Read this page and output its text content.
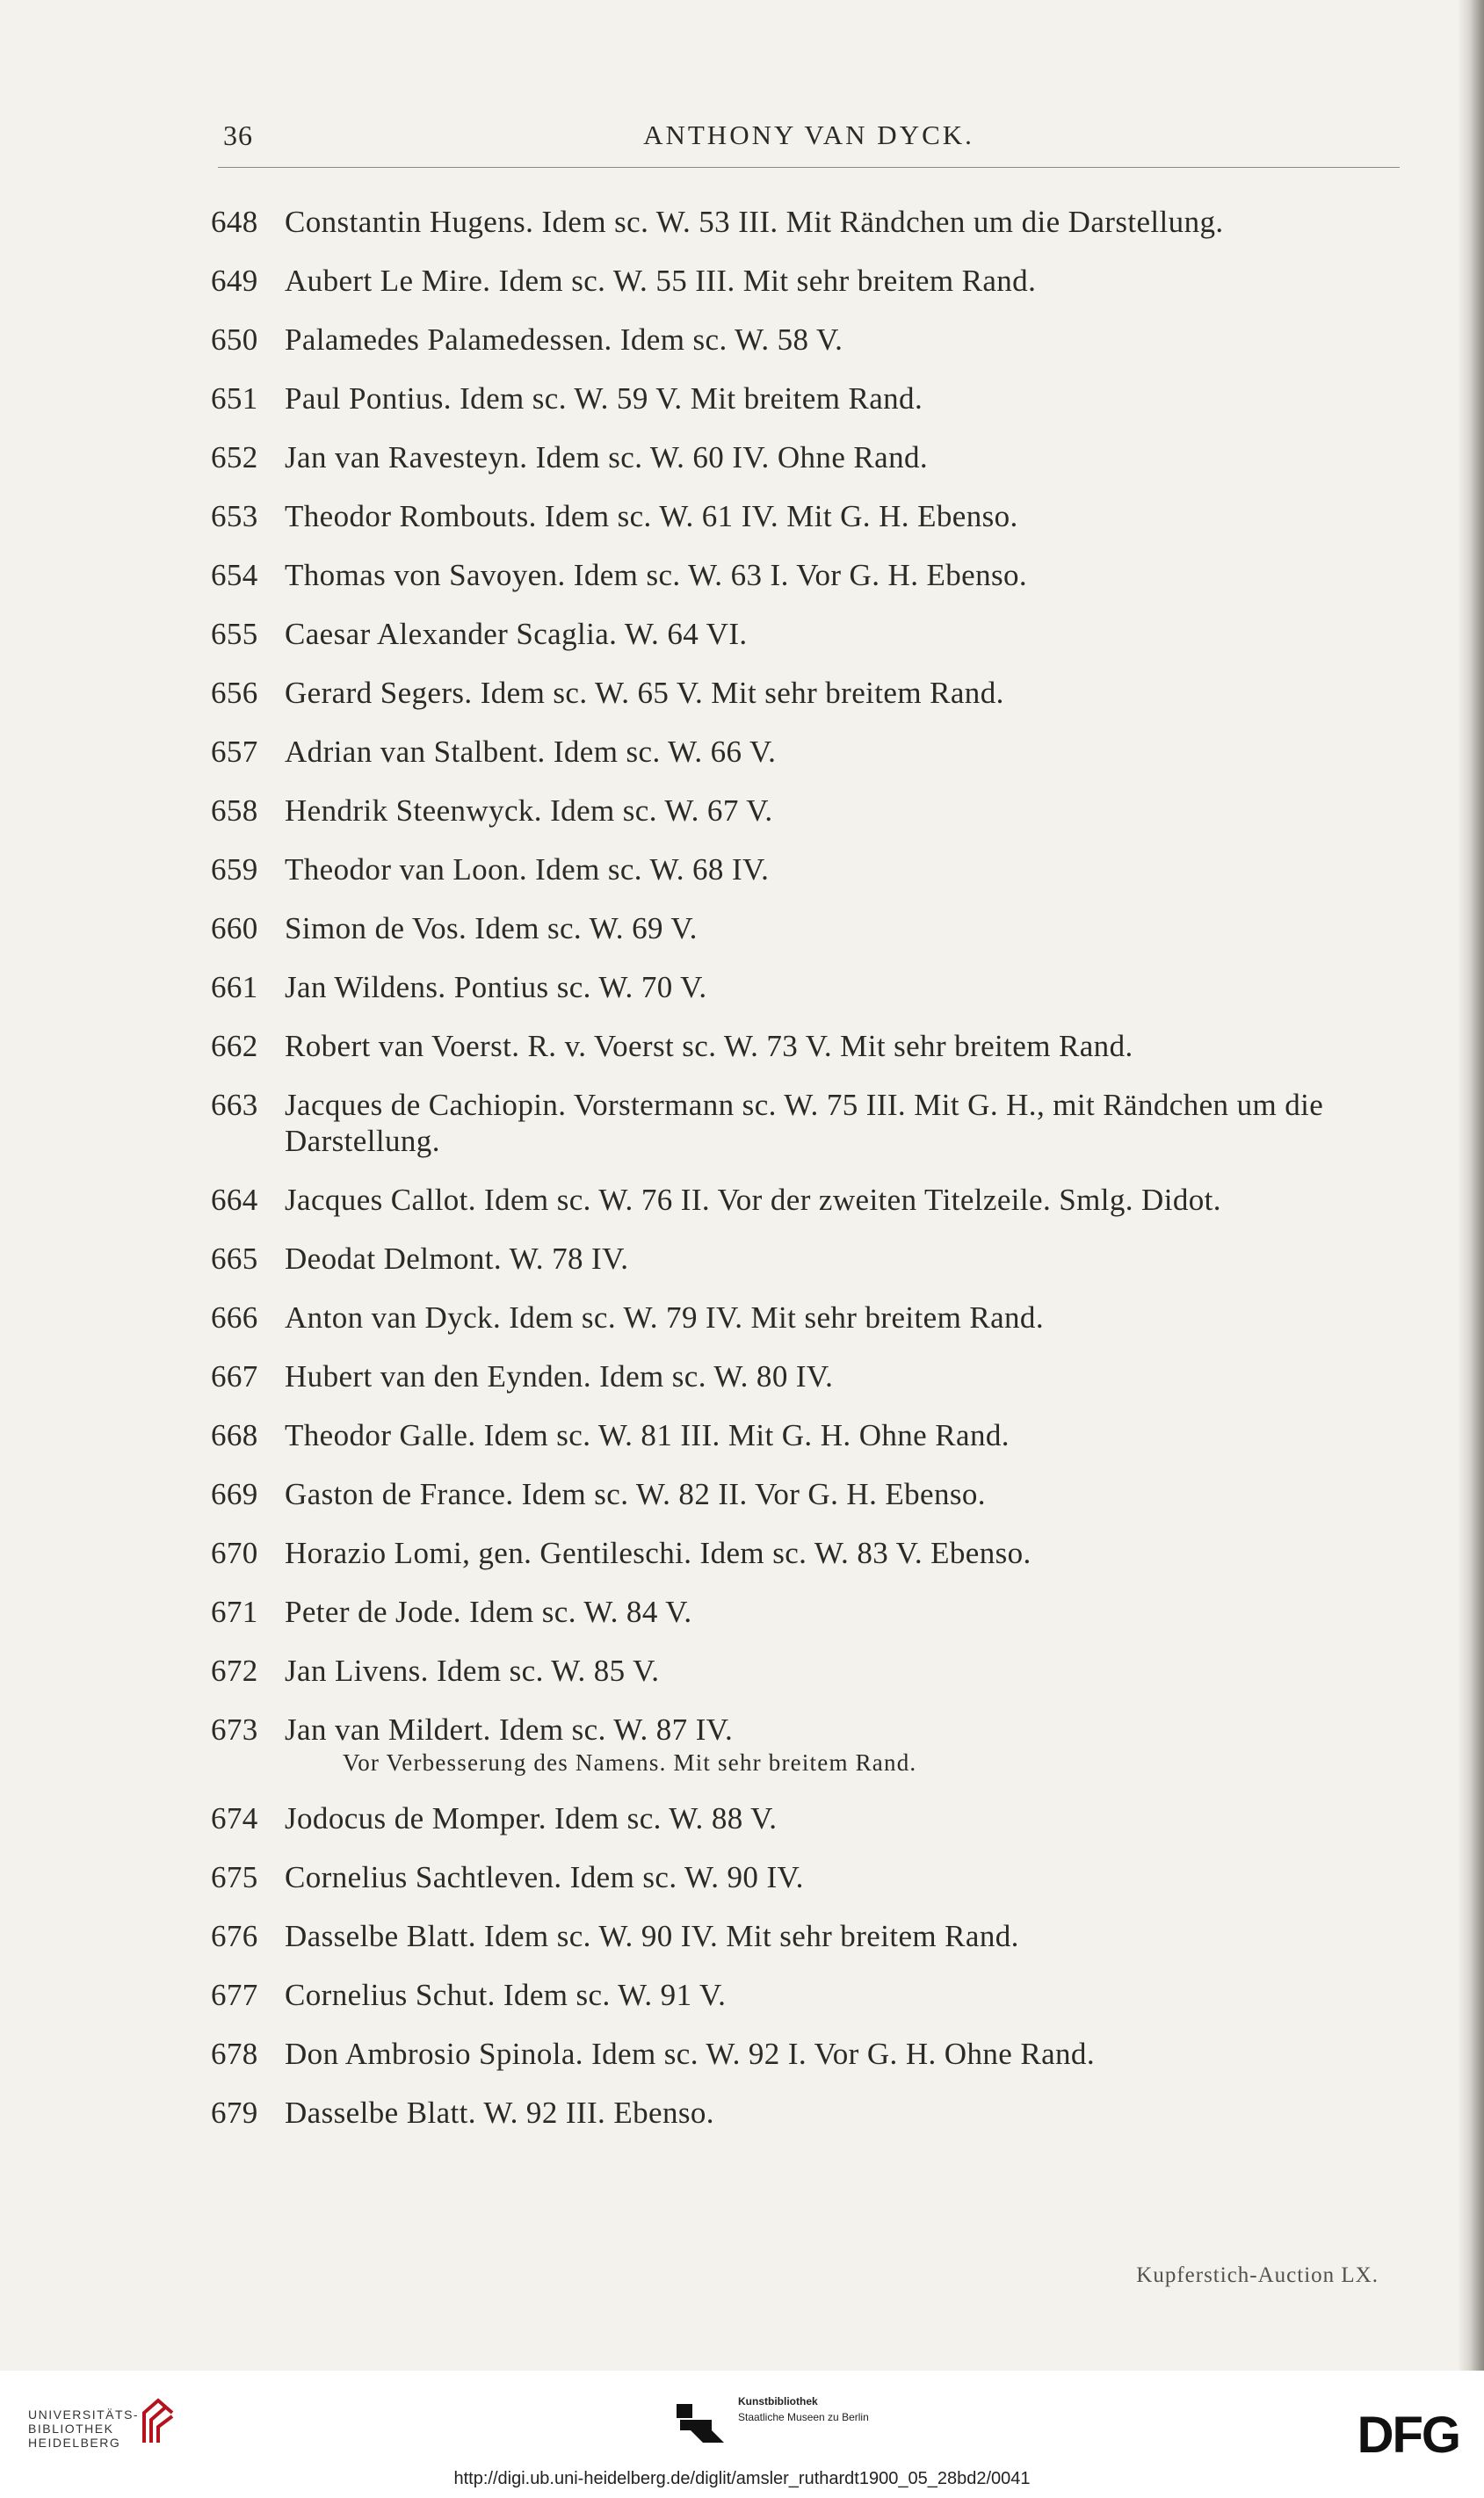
36	ANTHONY VAN DYCK.
648 Constantin Hugens. Idem sc. W. 53 III. Mit Rändchen um die Darstellung.
649 Aubert Le Mire. Idem sc. W. 55 III. Mit sehr breitem Rand.
650 Palamedes Palamedessen. Idem sc. W. 58 V.
651 Paul Pontius. Idem sc. W. 59 V. Mit breitem Rand.
652 Jan van Ravesteyn. Idem sc. W. 60 IV. Ohne Rand.
653 Theodor Rombouts. Idem sc. W. 61 IV. Mit G. H. Ebenso.
654 Thomas von Savoyen. Idem sc. W. 63 I. Vor G. H. Ebenso.
655 Caesar Alexander Scaglia. W. 64 VI.
656 Gerard Segers. Idem sc. W. 65 V. Mit sehr breitem Rand.
657 Adrian van Stalbent. Idem sc. W. 66 V.
658 Hendrik Steenwyck. Idem sc. W. 67 V.
659 Theodor van Loon. Idem sc. W. 68 IV.
660 Simon de Vos. Idem sc. W. 69 V.
661 Jan Wildens. Pontius sc. W. 70 V.
662 Robert van Voerst. R. v. Voerst sc. W. 73 V. Mit sehr breitem Rand.
663 Jacques de Cachiopin. Vorstermann sc. W. 75 III. Mit G. H., mit Rändchen um die Darstellung.
664 Jacques Callot. Idem sc. W. 76 II. Vor der zweiten Titelzeile. Smlg. Didot.
665 Deodat Delmont. W. 78 IV.
666 Anton van Dyck. Idem sc. W. 79 IV. Mit sehr breitem Rand.
667 Hubert van den Eynden. Idem sc. W. 80 IV.
668 Theodor Galle. Idem sc. W. 81 III. Mit G. H. Ohne Rand.
669 Gaston de France. Idem sc. W. 82 II. Vor G. H. Ebenso.
670 Horazio Lomi, gen. Gentileschi. Idem sc. W. 83 V. Ebenso.
671 Peter de Jode. Idem sc. W. 84 V.
672 Jan Livens. Idem sc. W. 85 V.
673 Jan van Mildert. Idem sc. W. 87 IV.
Vor Verbesserung des Namens. Mit sehr breitem Rand.
674 Jodocus de Momper. Idem sc. W. 88 V.
675 Cornelius Sachtleven. Idem sc. W. 90 IV.
676 Dasselbe Blatt. Idem sc. W. 90 IV. Mit sehr breitem Rand.
677 Cornelius Schut. Idem sc. W. 91 V.
678 Don Ambrosio Spinola. Idem sc. W. 92 I. Vor G. H. Ohne Rand.
679 Dasselbe Blatt. W. 92 III. Ebenso.
Kupferstich-Auction LX.
UNIVERSITÄTS-
BIBLIOTHEK
HEIDELBERG
Kunstbibliothek
Staatliche Museen zu Berlin	DFG
http://digi.ub.uni-heidelberg.de/diglit/amsler_ruthardt1900_05_28bd2/0041
